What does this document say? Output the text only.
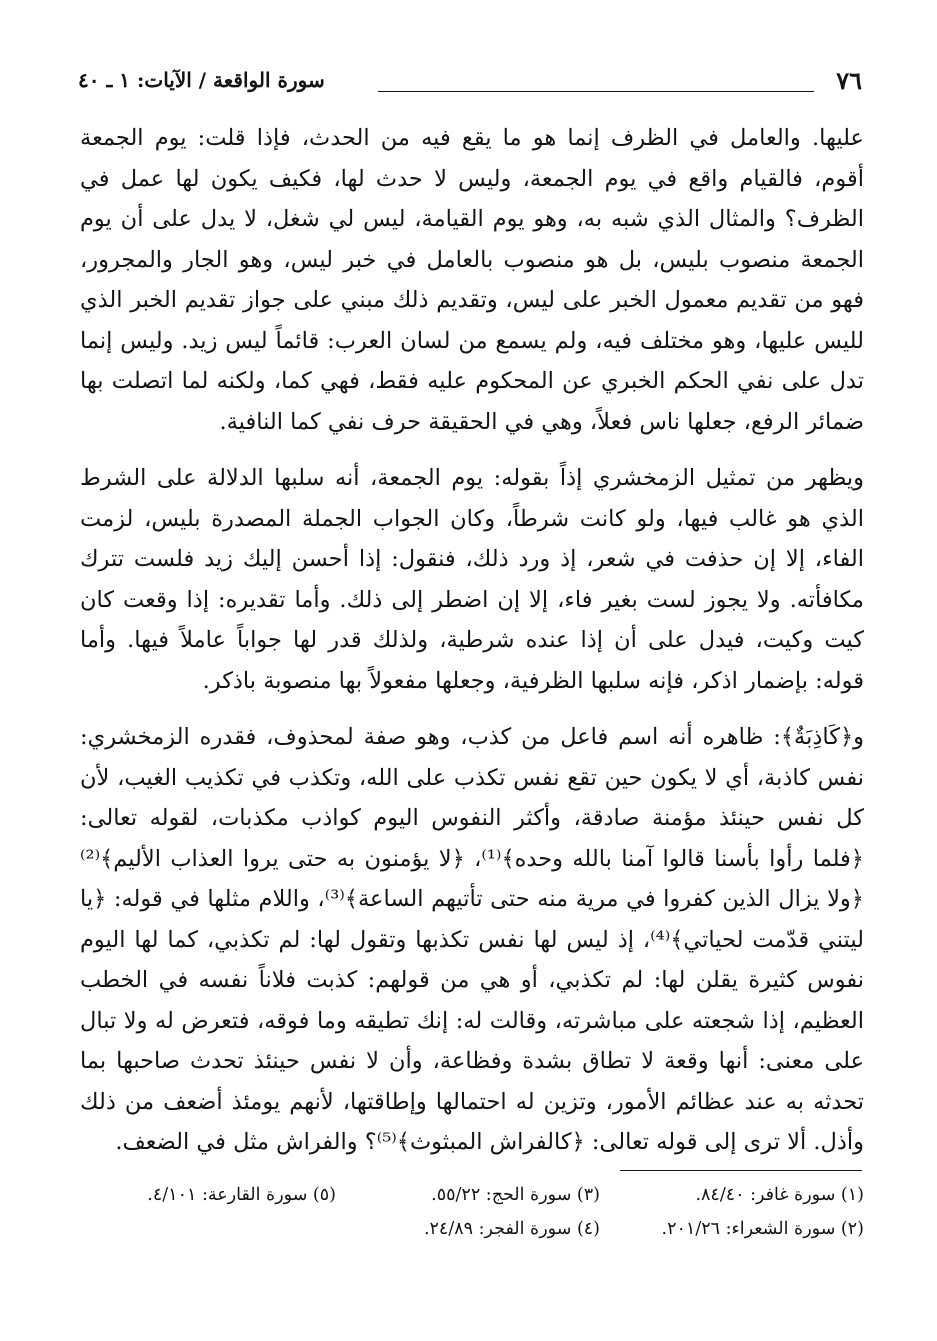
٧٦
سورة الواقعة / الآيات: ١ ـ ٤٠

عليها. والعامل في الظرف إنما هو ما يقع فيه من الحدث، فإذا قلت: يوم الجمعة أقوم، فالقيام واقع في يوم الجمعة، وليس لا حدث لها، فكيف يكون لها عمل في الظرف؟ والمثال الذي شبه به، وهو يوم القيامة، ليس لي شغل، لا يدل على أن يوم الجمعة منصوب بليس، بل هو منصوب بالعامل في خبر ليس، وهو الجار والمجرور، فهو من تقديم معمول الخبر على ليس، وتقديم ذلك مبني على جواز تقديم الخبر الذي لليس عليها، وهو مختلف فيه، ولم يسمع من لسان العرب: قائماً ليس زيد. وليس إنما تدل على نفي الحكم الخبري عن المحكوم عليه فقط، فهي كما، ولكنه لما اتصلت بها ضمائر الرفع، جعلها ناس فعلاً، وهي في الحقيقة حرف نفي كما النافية.

ويظهر من تمثيل الزمخشري إذاً بقوله: يوم الجمعة، أنه سلبها الدلالة على الشرط الذي هو غالب فيها، ولو كانت شرطاً، وكان الجواب الجملة المصدرة بليس، لزمت الفاء، إلا إن حذفت في شعر، إذ ورد ذلك، فنقول: إذا أحسن إليك زيد فلست تترك مكافأته. ولا يجوز لست بغير فاء، إلا إن اضطر إلى ذلك. وأما تقديره: إذا وقعت كان كيت وكيت، فيدل على أن إذا عنده شرطية، ولذلك قدر لها جواباً عاملاً فيها. وأما قوله: بإضمار اذكر، فإنه سلبها الظرفية، وجعلها مفعولاً بها منصوبة باذكر.

و﴿كَاذِبَةٌ﴾: ظاهره أنه اسم فاعل من كذب، وهو صفة لمحذوف، فقدره الزمخشري: نفس كاذبة، أي لا يكون حين تقع نفس تكذب على الله، وتكذب في تكذيب الغيب، لأن كل نفس حينئذ مؤمنة صادقة، وأكثر النفوس اليوم كواذب مكذبات، لقوله تعالى: ﴿فلما رأوا بأسنا قالوا آمنا بالله وحده﴾⁽¹⁾، ﴿لا يؤمنون به حتى يروا العذاب الأليم﴾⁽²⁾ ﴿ولا يزال الذين كفروا في مرية منه حتى تأتيهم الساعة﴾⁽³⁾، واللام مثلها في قوله: ﴿يا ليتني قدّمت لحياتي﴾⁽⁴⁾، إذ ليس لها نفس تكذبها وتقول لها: لم تكذبي، كما لها اليوم نفوس كثيرة يقلن لها: لم تكذبي، أو هي من قولهم: كذبت فلاناً نفسه في الخطب العظيم، إذا شجعته على مباشرته، وقالت له: إنك تطيقه وما فوقه، فتعرض له ولا تبال على معنى: أنها وقعة لا تطاق بشدة وفظاعة، وأن لا نفس حينئذ تحدث صاحبها بما تحدثه به عند عظائم الأمور، وتزين له احتمالها وإطاقتها، لأنهم يومئذ أضعف من ذلك وأذل. ألا ترى إلى قوله تعالى: ﴿كالفراش المبثوث﴾⁽⁵⁾؟ والفراش مثل في الضعف.

(١) سورة غافر: ٨٤/٤٠.
(٣) سورة الحج: ٥٥/٢٢.
(٥) سورة القارعة: ٤/١٠١.
(٢) سورة الشعراء: ٢٠١/٢٦.
(٤) سورة الفجر: ٢٤/٨٩.
